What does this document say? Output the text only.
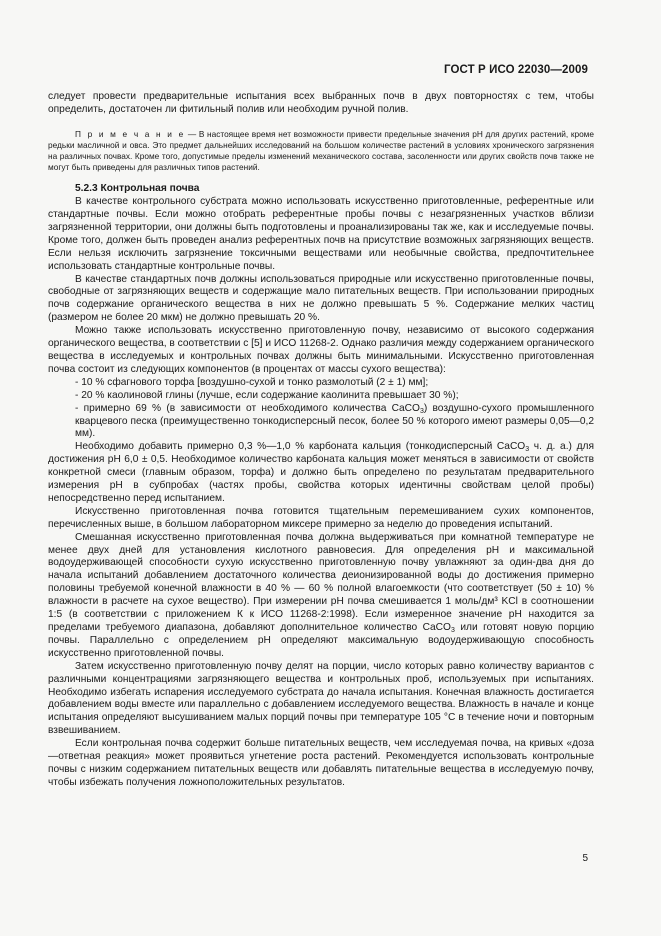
ГОСТ Р ИСО 22030—2009

следует провести предварительные испытания всех выбранных почв в двух повторностях с тем, чтобы определить, достаточен ли фитильный полив или необходим ручной полив.

П р и м е ч а н и е — В настоящее время нет возможности привести предельные значения pH для других растений, кроме редьки масличной и овса. Это предмет дальнейших исследований на большом количестве растений в условиях хронического загрязнения на различных почвах. Кроме того, допустимые пределы изменений механического состава, засоленности или других свойств почв также не могут быть приведены для различных типов растений.

5.2.3 Контрольная почва

В качестве контрольного субстрата можно использовать искусственно приготовленные, референтные или стандартные почвы. Если можно отобрать референтные пробы почвы с незагрязненных участков вблизи загрязненной территории, они должны быть подготовлены и проанализированы так же, как и исследуемые почвы. Кроме того, должен быть проведен анализ референтных почв на присутствие возможных загрязняющих веществ. Если нельзя исключить загрязнение токсичными веществами или необычные свойства, предпочтительнее использовать стандартные контрольные почвы.

В качестве стандартных почв должны использоваться природные или искусственно приготовленные почвы, свободные от загрязняющих веществ и содержащие мало питательных веществ. При использовании природных почв содержание органического вещества в них не должно превышать 5 %. Содержание мелких частиц (размером не более 20 мкм) не должно превышать 20 %.

Можно также использовать искусственно приготовленную почву, независимо от высокого содержания органического вещества, в соответствии с [5] и ИСО 11268-2. Однако различия между содержанием органического вещества в исследуемых и контрольных почвах должны быть минимальными. Искусственно приготовленная почва состоит из следующих компонентов (в процентах от массы сухого вещества):

- 10 % сфагнового торфа [воздушно-сухой и тонко размолотый (2 ± 1) мм];

- 20 % каолиновой глины (лучше, если содержание каолинита превышает 30 %);

- примерно 69 % (в зависимости от необходимого количества CaCO$_3$) воздушно-сухого промышленного кварцевого песка (преимущественно тонкодисперсный песок, более 50 % которого имеют размеры 0,05—0,2 мм).

Необходимо добавить примерно 0,3 %—1,0 % карбоната кальция (тонкодисперсный CaCO$_3$ ч. д. а.) для достижения pH 6,0 ± 0,5. Необходимое количество карбоната кальция может меняться в зависимости от свойств конкретной смеси (главным образом, торфа) и должно быть определено по результатам предварительного измерения pH в субпробах (частях пробы, свойства которых идентичны свойствам целой пробы) непосредственно перед испытанием.

Искусственно приготовленная почва готовится тщательным перемешиванием сухих компонентов, перечисленных выше, в большом лабораторном миксере примерно за неделю до проведения испытаний.

Смешанная искусственно приготовленная почва должна выдерживаться при комнатной температуре не менее двух дней для установления кислотного равновесия. Для определения pH и максимальной водоудерживающей способности сухую искусственно приготовленную почву увлажняют за один-два дня до начала испытаний добавлением достаточного количества деионизированной воды до достижения примерно половины требуемой конечной влажности в 40 % — 60 % полной влагоемкости (что соответствует (50 ± 10) % влажности в расчете на сухое вещество). При измерении pH почва смешивается 1 моль/дм³ KCl в соотношении 1:5 (в соответствии с приложением К к ИСО 11268-2:1998). Если измеренное значение pH находится за пределами требуемого диапазона, добавляют дополнительное количество CaCO$_3$ или готовят новую порцию почвы. Параллельно с определением pH определяют максимальную водоудерживающую способность искусственно приготовленной почвы.

Затем искусственно приготовленную почву делят на порции, число которых равно количеству вариантов с различными концентрациями загрязняющего вещества и контрольных проб, используемых при испытаниях. Необходимо избегать испарения исследуемого субстрата до начала испытания. Конечная влажность достигается добавлением воды вместе или параллельно с добавлением исследуемого вещества. Влажность в начале и конце испытания определяют высушиванием малых порций почвы при температуре 105 °С в течение ночи и повторным взвешиванием.

Если контрольная почва содержит больше питательных веществ, чем исследуемая почва, на кривых «доза—ответная реакция» может проявиться угнетение роста растений. Рекомендуется использовать контрольные почвы с низким содержанием питательных веществ или добавлять питательные вещества в исследуемую почву, чтобы избежать получения ложноположительных результатов.

5
